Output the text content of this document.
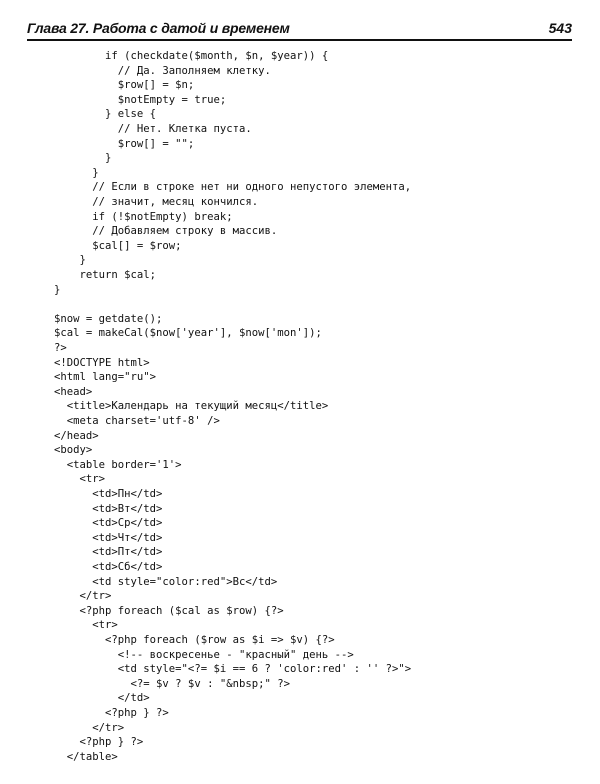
Глава 27. Работа с датой и временем	543
if (checkdate($month, $n, $year)) {
// Да. Заполняем клетку.
$row[] = $n;
$notEmpty = true;
} else {
// Нет. Клетка пуста.
$row[] = "";
}
}
// Если в строке нет ни одного непустого элемента,
// значит, месяц кончился.
if (!$notEmpty) break;
// Добавляем строку в массив.
$cal[] = $row;
}
return $cal;
}
$now = getdate();
$cal = makeCal($now['year'], $now['mon']);
?>
<!DOCTYPE html>
<html lang="ru">
<head>
<title>Календарь на текущий месяц</title>
<meta charset='utf-8' />
</head>
<body>
<table border='1'>
<tr>
<td>Пн</td>
<td>Вт</td>
<td>Ср</td>
<td>Чт</td>
<td>Пт</td>
<td>Сб</td>
<td style="color:red">Вс</td>
</tr>
<?php foreach ($cal as $row) {?>
<tr>
<?php foreach ($row as $i => $v) {?>
<!-- воскресенье - "красный" день -->
<td style="<?= $i == 6 ? 'color:red' : '' ?>">
<?= $v ? $v : "&nbsp;" ?>
</td>
<?php } ?>
</tr>
<?php } ?>
</table>
